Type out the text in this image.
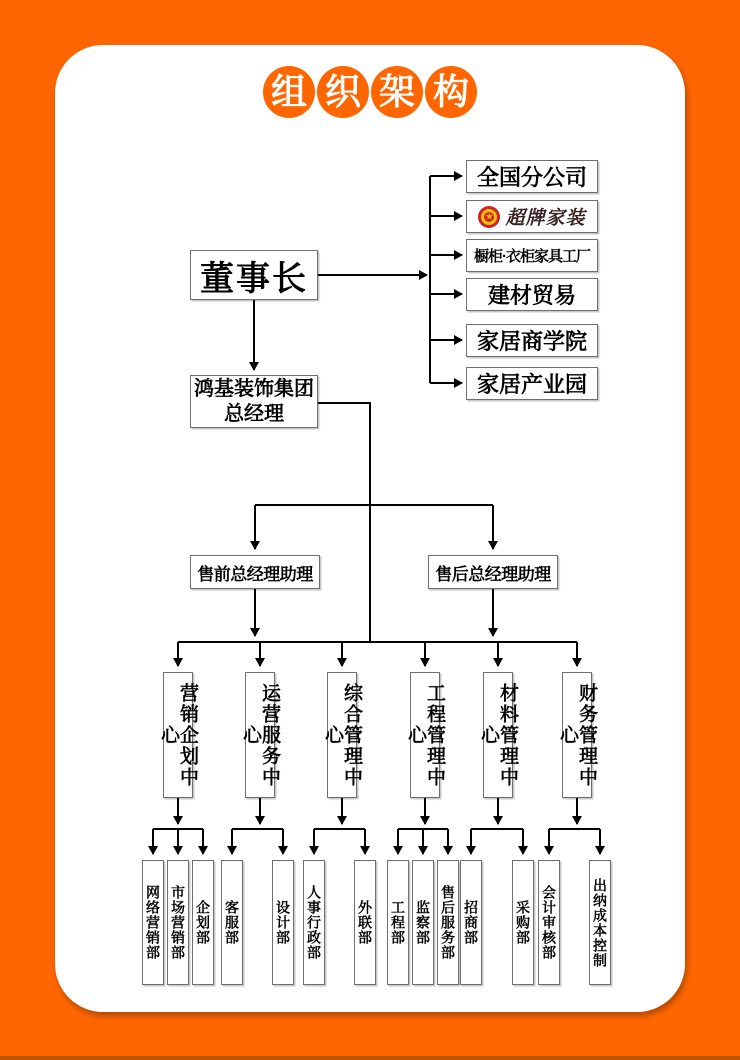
组 织 架 构
董事长
全国分公司
★ 超牌家装
橱柜·衣柜家具工厂
建材贸易
家居商学院
家居产业园
鸿基装饰集团
总经理
售前总经理助理	售后总经理助理
营销企划中心	运营服务中心	综合管理中心	工程管理中心	材料管理中心	财务管理中心
网络营销部 市场营销部 企划部 客服部	设计部 人事行政部	外联部 工程部 监察部 售后服务部 招商部	采购部 会计审核部	出纳成本控制
